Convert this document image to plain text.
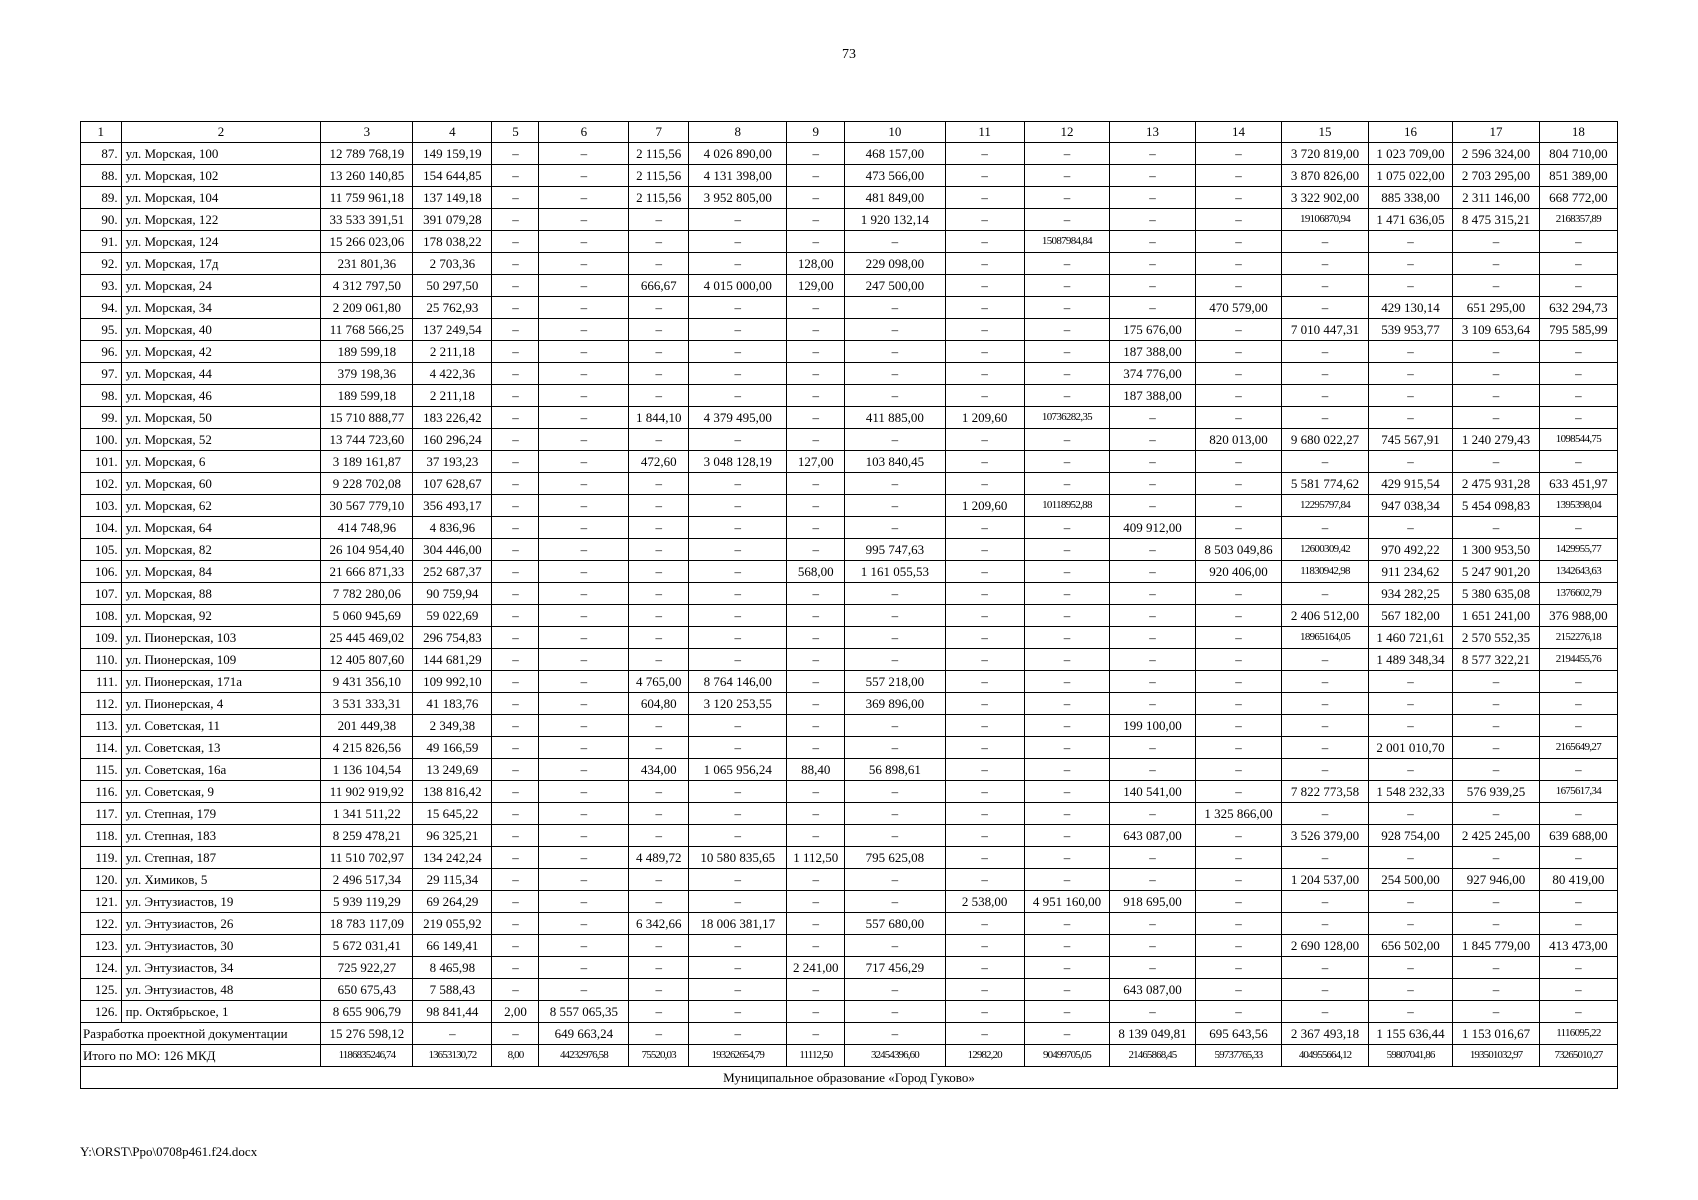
73
1	2	3	4	5	6	7	8	9	10	11	12	13	14	15	16	17	18
87.	ул. Морская, 100	12 789 768,19	149 159,19	–	–	2 115,56	4 026 890,00	–	468 157,00	–	–	–	–	3 720 819,00	1 023 709,00	2 596 324,00	804 710,00
88.	ул. Морская, 102	13 260 140,85	154 644,85	–	–	2 115,56	4 131 398,00	–	473 566,00	–	–	–	–	3 870 826,00	1 075 022,00	2 703 295,00	851 389,00
89.	ул. Морская, 104	11 759 961,18	137 149,18	–	–	2 115,56	3 952 805,00	–	481 849,00	–	–	–	–	3 322 902,00	885 338,00	2 311 146,00	668 772,00
90.	ул. Морская, 122	33 533 391,51	391 079,28	–	–	–	–	–	1 920 132,14	–	–	–	–	19106870,94	1 471 636,05	8 475 315,21	2168357,89
91.	ул. Морская, 124	15 266 023,06	178 038,22	–	–	–	–	–	–	–	15087984,84	–	–	–	–	–	–
92.	ул. Морская, 17д	231 801,36	2 703,36	–	–	–	–	128,00	229 098,00	–	–	–	–	–	–	–	–
93.	ул. Морская, 24	4 312 797,50	50 297,50	–	–	666,67	4 015 000,00	129,00	247 500,00	–	–	–	–	–	–	–	–
94.	ул. Морская, 34	2 209 061,80	25 762,93	–	–	–	–	–	–	–	–	–	470 579,00	–	429 130,14	651 295,00	632 294,73
95.	ул. Морская, 40	11 768 566,25	137 249,54	–	–	–	–	–	–	–	–	175 676,00	–	7 010 447,31	539 953,77	3 109 653,64	795 585,99
96.	ул. Морская, 42	189 599,18	2 211,18	–	–	–	–	–	–	–	–	187 388,00	–	–	–	–	–
97.	ул. Морская, 44	379 198,36	4 422,36	–	–	–	–	–	–	–	–	374 776,00	–	–	–	–	–
98.	ул. Морская, 46	189 599,18	2 211,18	–	–	–	–	–	–	–	–	187 388,00	–	–	–	–	–
99.	ул. Морская, 50	15 710 888,77	183 226,42	–	–	1 844,10	4 379 495,00	–	411 885,00	1 209,60	10736282,35	–	–	–	–	–	–
100.	ул. Морская, 52	13 744 723,60	160 296,24	–	–	–	–	–	–	–	–	–	820 013,00	9 680 022,27	745 567,91	1 240 279,43	1098544,75
101.	ул. Морская, 6	3 189 161,87	37 193,23	–	–	472,60	3 048 128,19	127,00	103 840,45	–	–	–	–	–	–	–	–
102.	ул. Морская, 60	9 228 702,08	107 628,67	–	–	–	–	–	–	–	–	–	–	5 581 774,62	429 915,54	2 475 931,28	633 451,97
103.	ул. Морская, 62	30 567 779,10	356 493,17	–	–	–	–	–	–	1 209,60	10118952,88	–	–	12295797,84	947 038,34	5 454 098,83	1395398,04
104.	ул. Морская, 64	414 748,96	4 836,96	–	–	–	–	–	–	–	–	409 912,00	–	–	–	–	–
105.	ул. Морская, 82	26 104 954,40	304 446,00	–	–	–	–	–	995 747,63	–	–	–	8 503 049,86	12600309,42	970 492,22	1 300 953,50	1429955,77
106.	ул. Морская, 84	21 666 871,33	252 687,37	–	–	–	–	568,00	1 161 055,53	–	–	–	920 406,00	11830942,98	911 234,62	5 247 901,20	1342643,63
107.	ул. Морская, 88	7 782 280,06	90 759,94	–	–	–	–	–	–	–	–	–	–	–	934 282,25	5 380 635,08	1376602,79
108.	ул. Морская, 92	5 060 945,69	59 022,69	–	–	–	–	–	–	–	–	–	–	2 406 512,00	567 182,00	1 651 241,00	376 988,00
109.	ул. Пионерская, 103	25 445 469,02	296 754,83	–	–	–	–	–	–	–	–	–	–	18965164,05	1 460 721,61	2 570 552,35	2152276,18
110.	ул. Пионерская, 109	12 405 807,60	144 681,29	–	–	–	–	–	–	–	–	–	–	–	1 489 348,34	8 577 322,21	2194455,76
111.	ул. Пионерская, 171а	9 431 356,10	109 992,10	–	–	4 765,00	8 764 146,00	–	557 218,00	–	–	–	–	–	–	–	–
112.	ул. Пионерская, 4	3 531 333,31	41 183,76	–	–	604,80	3 120 253,55	–	369 896,00	–	–	–	–	–	–	–	–
113.	ул. Советская, 11	201 449,38	2 349,38	–	–	–	–	–	–	–	–	199 100,00	–	–	–	–	–
114.	ул. Советская, 13	4 215 826,56	49 166,59	–	–	–	–	–	–	–	–	–	–	–	2 001 010,70	–	2165649,27
115.	ул. Советская, 16а	1 136 104,54	13 249,69	–	–	434,00	1 065 956,24	88,40	56 898,61	–	–	–	–	–	–	–	–
116.	ул. Советская, 9	11 902 919,92	138 816,42	–	–	–	–	–	–	–	–	140 541,00	–	7 822 773,58	1 548 232,33	576 939,25	1675617,34
117.	ул. Степная, 179	1 341 511,22	15 645,22	–	–	–	–	–	–	–	–	–	1 325 866,00	–	–	–	–
118.	ул. Степная, 183	8 259 478,21	96 325,21	–	–	–	–	–	–	–	–	643 087,00	–	3 526 379,00	928 754,00	2 425 245,00	639 688,00
119.	ул. Степная, 187	11 510 702,97	134 242,24	–	–	4 489,72	10 580 835,65	1 112,50	795 625,08	–	–	–	–	–	–	–	–
120.	ул. Химиков, 5	2 496 517,34	29 115,34	–	–	–	–	–	–	–	–	–	–	1 204 537,00	254 500,00	927 946,00	80 419,00
121.	ул. Энтузиастов, 19	5 939 119,29	69 264,29	–	–	–	–	–	–	2 538,00	4 951 160,00	918 695,00	–	–	–	–	–
122.	ул. Энтузиастов, 26	18 783 117,09	219 055,92	–	–	6 342,66	18 006 381,17	–	557 680,00	–	–	–	–	–	–	–	–
123.	ул. Энтузиастов, 30	5 672 031,41	66 149,41	–	–	–	–	–	–	–	–	–	–	2 690 128,00	656 502,00	1 845 779,00	413 473,00
124.	ул. Энтузиастов, 34	725 922,27	8 465,98	–	–	–	–	2 241,00	717 456,29	–	–	–	–	–	–	–	–
125.	ул. Энтузиастов, 48	650 675,43	7 588,43	–	–	–	–	–	–	–	–	643 087,00	–	–	–	–	–
126.	пр. Октябрьское, 1	8 655 906,79	98 841,44	2,00	8 557 065,35	–	–	–	–	–	–	–	–	–	–	–	–
Разработка проектной документации		15 276 598,12	–	–	649 663,24	–	–	–	–	–	–	8 139 049,81	695 643,56	2 367 493,18	1 155 636,44	1 153 016,67	1116095,22
Итого по МО: 126 МКД		1186835246,74	13653130,72	8,00	44232976,58	75520,03	193262654,79	11112,50	32454396,60	12982,20	90499705,05	21465868,45	59737765,33	404955664,12	59807041,86	193501032,97	73265010,27
Муниципальное образование «Город Гуково»																	
Y:\ORST\Ppo\0708p461.f24.docx
